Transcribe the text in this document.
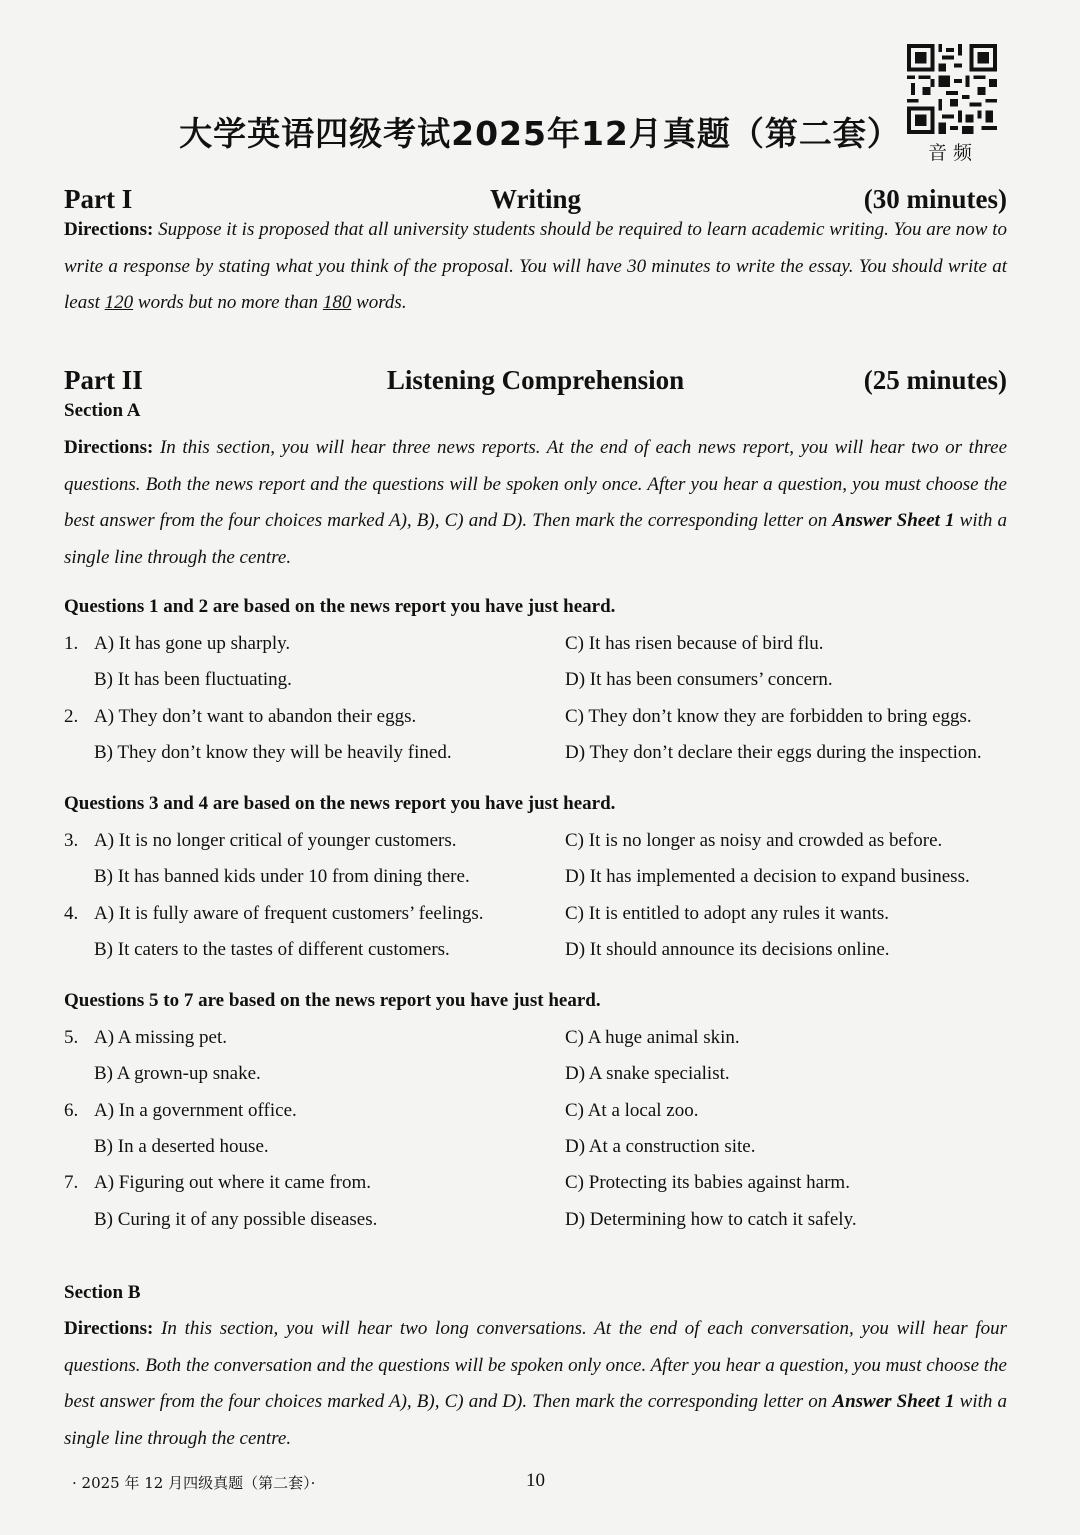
大学英语四级考试2025年12月真题（第二套）	音频
Part I	Writing	(30 minutes)
Directions: Suppose it is proposed that all university students should be required to learn academic writing. You are now to write a response by stating what you think of the proposal. You will have 30 minutes to write the essay. You should write at least 120 words but no more than 180 words.
Part II	Listening Comprehension	(25 minutes)
Section A
Directions: In this section, you will hear three news reports. At the end of each news report, you will hear two or three questions. Both the news report and the questions will be spoken only once. After you hear a question, you must choose the best answer from the four choices marked A), B), C) and D). Then mark the corresponding letter on Answer Sheet 1 with a single line through the centre.
Questions 1 and 2 are based on the news report you have just heard.
1. A) It has gone up sharply.	C) It has risen because of bird flu.
B) It has been fluctuating.	D) It has been consumers’ concern.
2. A) They don’t want to abandon their eggs.	C) They don’t know they are forbidden to bring eggs.
B) They don’t know they will be heavily fined.	D) They don’t declare their eggs during the inspection.
Questions 3 and 4 are based on the news report you have just heard.
3. A) It is no longer critical of younger customers.	C) It is no longer as noisy and crowded as before.
B) It has banned kids under 10 from dining there.	D) It has implemented a decision to expand business.
4. A) It is fully aware of frequent customers’ feelings.	C) It is entitled to adopt any rules it wants.
B) It caters to the tastes of different customers.	D) It should announce its decisions online.
Questions 5 to 7 are based on the news report you have just heard.
5. A) A missing pet.	C) A huge animal skin.
B) A grown-up snake.	D) A snake specialist.
6. A) In a government office.	C) At a local zoo.
B) In a deserted house.	D) At a construction site.
7. A) Figuring out where it came from.	C) Protecting its babies against harm.
B) Curing it of any possible diseases.	D) Determining how to catch it safely.
Section B
Directions: In this section, you will hear two long conversations. At the end of each conversation, you will hear four questions. Both the conversation and the questions will be spoken only once. After you hear a question, you must choose the best answer from the four choices marked A), B), C) and D). Then mark the corresponding letter on Answer Sheet 1 with a single line through the centre.
· 2025 年 12 月四级真题（第二套）·	10
